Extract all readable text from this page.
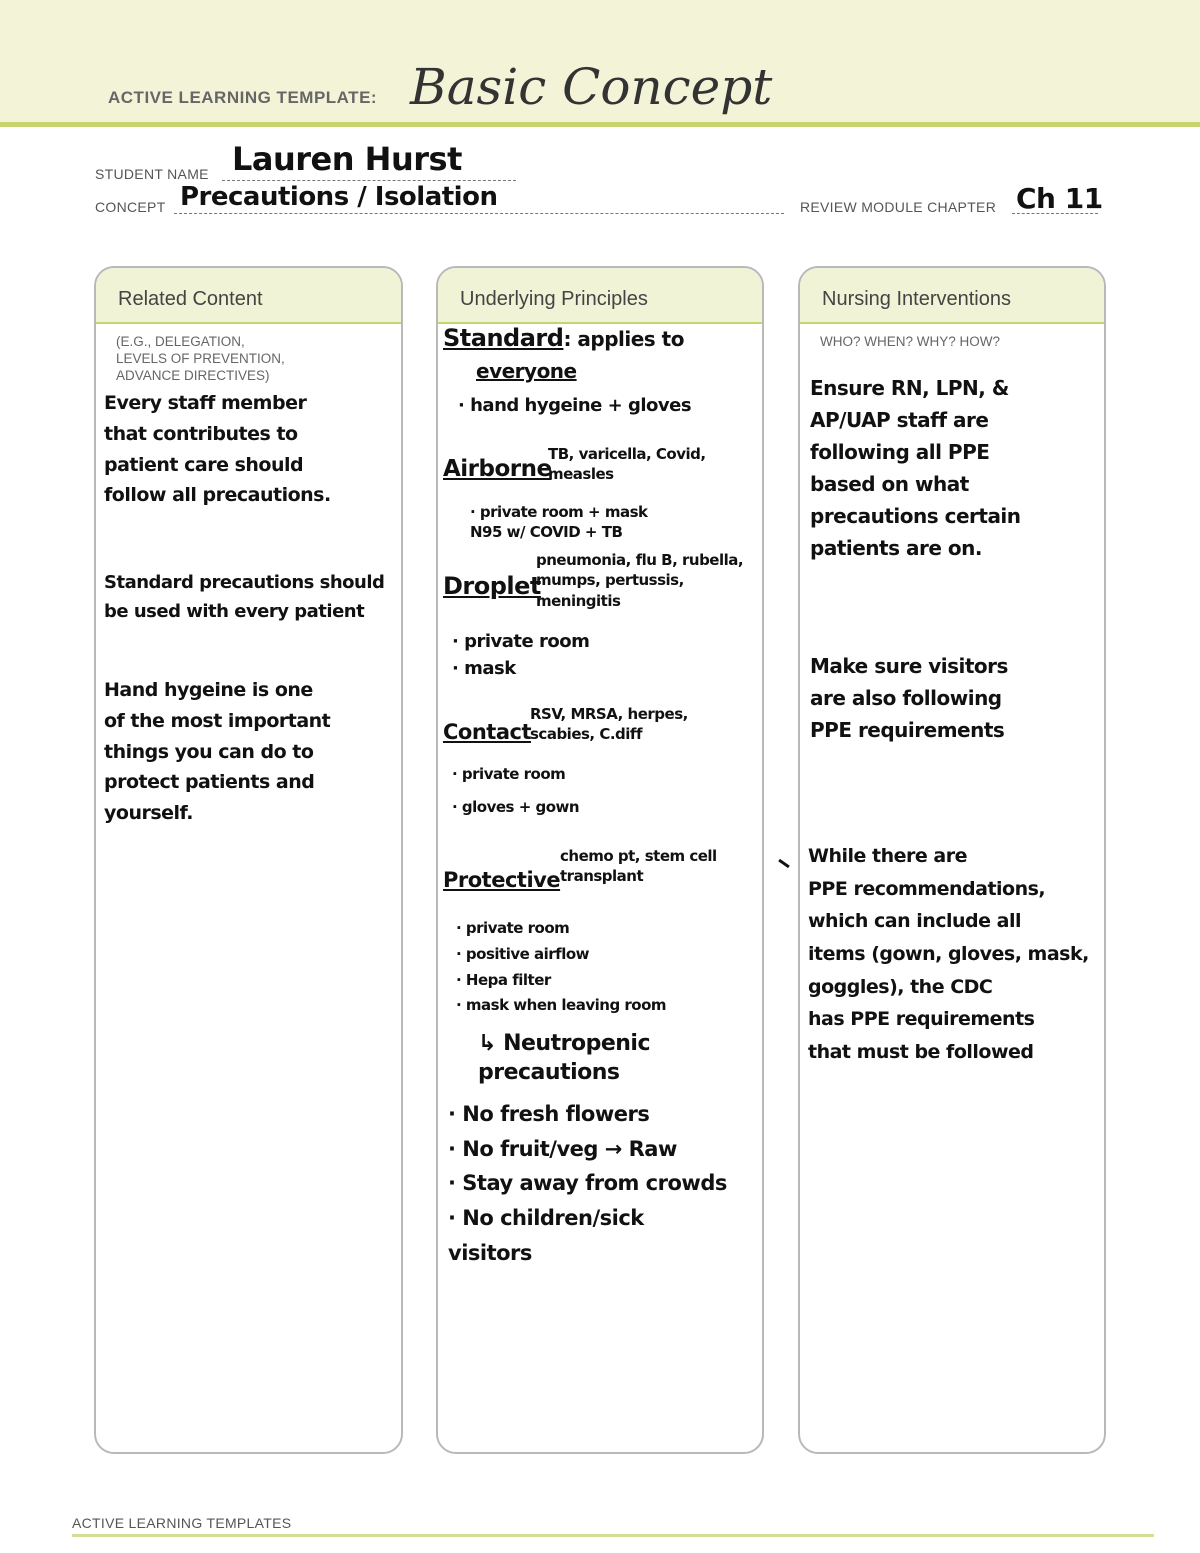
ACTIVE LEARNING TEMPLATE: Basic Concept
STUDENT NAME Lauren Hurst
CONCEPT Precautions / Isolation	REVIEW MODULE CHAPTER Ch 11
Related Content
(E.G., DELEGATION,
LEVELS OF PREVENTION,
ADVANCE DIRECTIVES)
Every staff member
that contributes to
patient care should
follow all precautions.
Standard precautions should
be used with every patient
Hand hygeine is one
of the most important
things you can do to
protect patients and
yourself.
Underlying Principles
Standard: applies to
everyone
· hand hygeine + gloves
Airborne
TB, varicella, Covid,
measles
· private room + mask
N95 w/ COVID + TB
Droplet
pneumonia, flu B, rubella,
mumps, pertussis,
meningitis
· private room
· mask
Contact
RSV, MRSA, herpes,
scabies, C.diff
· private room
· gloves + gown
Protective
chemo pt, stem cell
transplant
· private room
· positive airflow
· Hepa filter
· mask when leaving room
↳ Neutropenic
precautions
· No fresh flowers
· No fruit/veg → Raw
· Stay away from crowds
· No children/sick
visitors
Nursing Interventions
WHO? WHEN? WHY? HOW?
Ensure RN, LPN, &
AP/UAP staff are
following all PPE
based on what
precautions certain
patients are on.
Make sure visitors
are also following
PPE requirements
While there are
PPE recommendations,
which can include all
items (gown, gloves, mask,
goggles), the CDC
has PPE requirements
that must be followed
ACTIVE LEARNING TEMPLATES
